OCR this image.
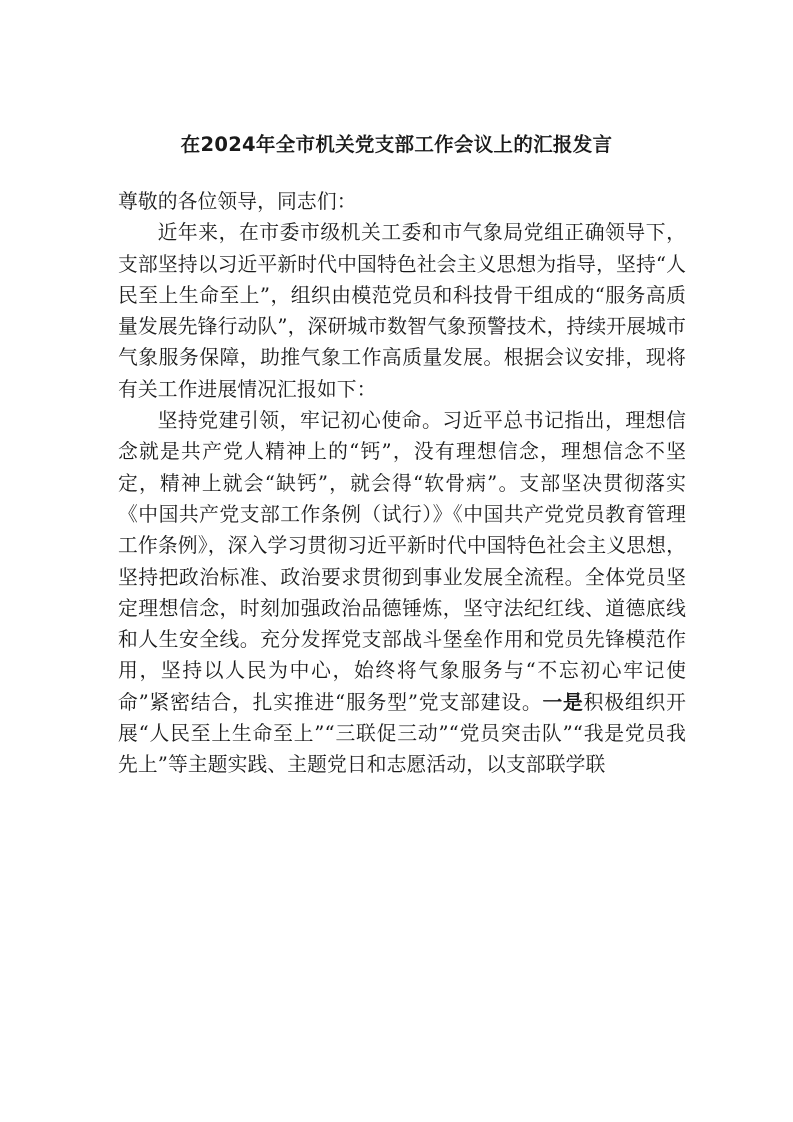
在2024年全市机关党支部工作会议上的汇报发言

尊敬的各位领导，同志们：

近年来，在市委市级机关工委和市气象局党组正确领导下，支部坚持以习近平新时代中国特色社会主义思想为指导，坚持“人民至上生命至上”，组织由模范党员和科技骨干组成的“服务高质量发展先锋行动队”，深研城市数智气象预警技术，持续开展城市气象服务保障，助推气象工作高质量发展。根据会议安排，现将有关工作进展情况汇报如下：

坚持党建引领，牢记初心使命。习近平总书记指出，理想信念就是共产党人精神上的“钙”，没有理想信念，理想信念不坚定，精神上就会“缺钙”，就会得“软骨病”。支部坚决贯彻落实《中国共产党支部工作条例（试行）》《中国共产党党员教育管理工作条例》，深入学习贯彻习近平新时代中国特色社会主义思想，坚持把政治标准、政治要求贯彻到事业发展全流程。全体党员坚定理想信念，时刻加强政治品德锤炼，坚守法纪红线、道德底线和人生安全线。充分发挥党支部战斗堡垒作用和党员先锋模范作用，坚持以人民为中心，始终将气象服务与“不忘初心牢记使命”紧密结合，扎实推进“服务型”党支部建设。一是积极组织开展“人民至上生命至上”“三联促三动”“党员突击队”“我是党员我先上”等主题实践、主题党日和志愿活动，以支部联学联
